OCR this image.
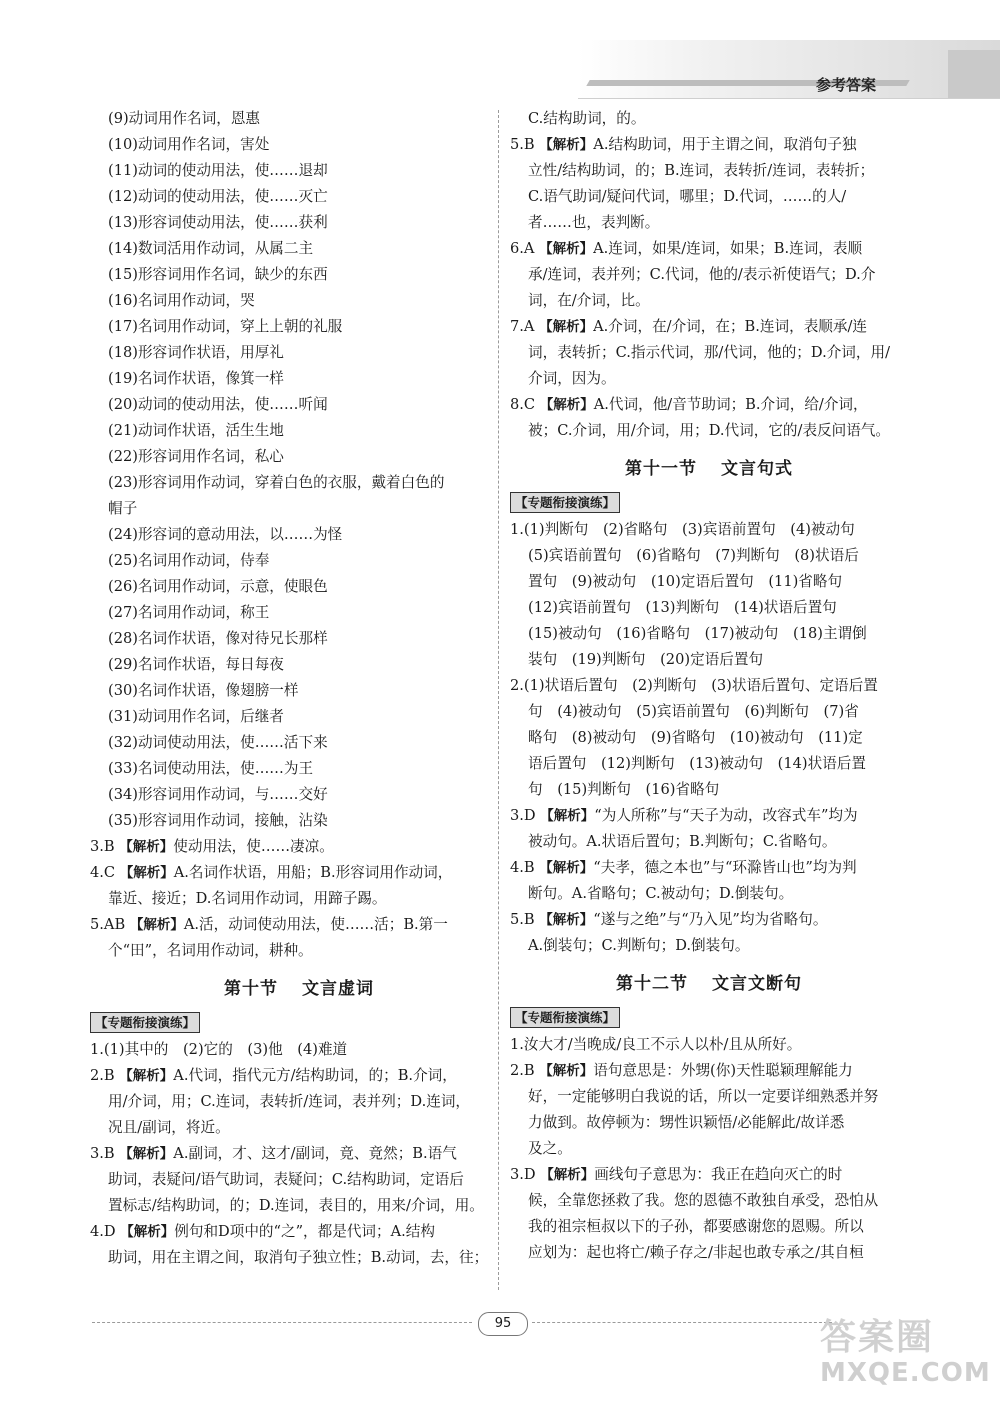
参考答案
(9)动词用作名词，恩惠
(10)动词用作名词，害处
(11)动词的使动用法，使……退却
(12)动词的使动用法，使……灭亡
(13)形容词使动用法，使……获利
(14)数词活用作动词，从属二主
(15)形容词用作名词，缺少的东西
(16)名词用作动词，哭
(17)名词用作动词，穿上上朝的礼服
(18)形容词作状语，用厚礼
(19)名词作状语，像箕一样
(20)动词的使动用法，使……听闻
(21)动词作状语，活生生地
(22)形容词用作名词，私心
(23)形容词用作动词，穿着白色的衣服，戴着白色的
帽子
(24)形容词的意动用法，以……为怪
(25)名词用作动词，侍奉
(26)名词用作动词，示意，使眼色
(27)名词用作动词，称王
(28)名词作状语，像对待兄长那样
(29)名词作状语，每日每夜
(30)名词作状语，像翅膀一样
(31)动词用作名词，后继者
(32)动词使动用法，使……活下来
(33)名词使动用法，使……为王
(34)形容词用作动词，与……交好
(35)形容词用作动词，接触，沾染
3.B 【解析】使动用法，使……凄凉。
4.C 【解析】A.名词作状语，用船；B.形容词用作动词，
靠近、接近；D.名词用作动词，用蹄子踢。
5.AB 【解析】A.活，动词使动用法，使……活；B.第一
个“田”，名词用作动词，耕种。
第十节 文言虚词
【专题衔接演练】
1.(1)其中的　(2)它的　(3)他　(4)难道
2.B 【解析】A.代词，指代元方/结构助词，的；B.介词，
用/介词，用；C.连词，表转折/连词，表并列；D.连词，
况且/副词，将近。
3.B 【解析】A.副词，才、这才/副词，竟、竟然；B.语气
助词，表疑问/语气助词，表疑问；C.结构助词，定语后
置标志/结构助词，的；D.连词，表目的，用来/介词，用。
4.D 【解析】例句和D项中的“之”，都是代词；A.结构
助词，用在主谓之间，取消句子独立性；B.动词，去，往；
C.结构助词，的。
5.B 【解析】A.结构助词，用于主谓之间，取消句子独
立性/结构助词，的；B.连词，表转折/连词，表转折；
C.语气助词/疑问代词，哪里；D.代词，……的人/
者……也，表判断。
6.A 【解析】A.连词，如果/连词，如果；B.连词，表顺
承/连词，表并列；C.代词，他的/表示祈使语气；D.介
词，在/介词，比。
7.A 【解析】A.介词，在/介词，在；B.连词，表顺承/连
词，表转折；C.指示代词，那/代词，他的；D.介词，用/
介词，因为。
8.C 【解析】A.代词，他/音节助词；B.介词，给/介词，
被；C.介词，用/介词，用；D.代词，它的/表反问语气。
第十一节 文言句式
【专题衔接演练】
1.(1)判断句　(2)省略句　(3)宾语前置句　(4)被动句
(5)宾语前置句　(6)省略句　(7)判断句　(8)状语后
置句　(9)被动句　(10)定语后置句　(11)省略句
(12)宾语前置句　(13)判断句　(14)状语后置句
(15)被动句　(16)省略句　(17)被动句　(18)主谓倒
装句　(19)判断句　(20)定语后置句
2.(1)状语后置句　(2)判断句　(3)状语后置句、定语后置
句　(4)被动句　(5)宾语前置句　(6)判断句　(7)省
略句　(8)被动句　(9)省略句　(10)被动句　(11)定
语后置句　(12)判断句　(13)被动句　(14)状语后置
句　(15)判断句　(16)省略句
3.D 【解析】“为人所称”与“天子为动，改容式车”均为
被动句。A.状语后置句；B.判断句；C.省略句。
4.B 【解析】“夫孝，德之本也”与“环滁皆山也”均为判
断句。A.省略句；C.被动句；D.倒装句。
5.B 【解析】“遂与之绝”与“乃入见”均为省略句。
A.倒装句；C.判断句；D.倒装句。
第十二节 文言文断句
【专题衔接演练】
1.汝大才/当晚成/良工不示人以朴/且从所好。
2.B 【解析】语句意思是：外甥(你)天性聪颖理解能力
好，一定能够明白我说的话，所以一定要详细熟悉并努
力做到。故停顿为：甥性识颖悟/必能解此/故详悉
及之。
3.D 【解析】画线句子意思为：我正在趋向灭亡的时
候，全靠您拯救了我。您的恩德不敢独自承受，恐怕从
我的祖宗桓叔以下的子孙，都要感谢您的恩赐。所以
应划为：起也将亡/赖子存之/非起也敢专承之/其自桓
95	答案圈
MXQE.COM
